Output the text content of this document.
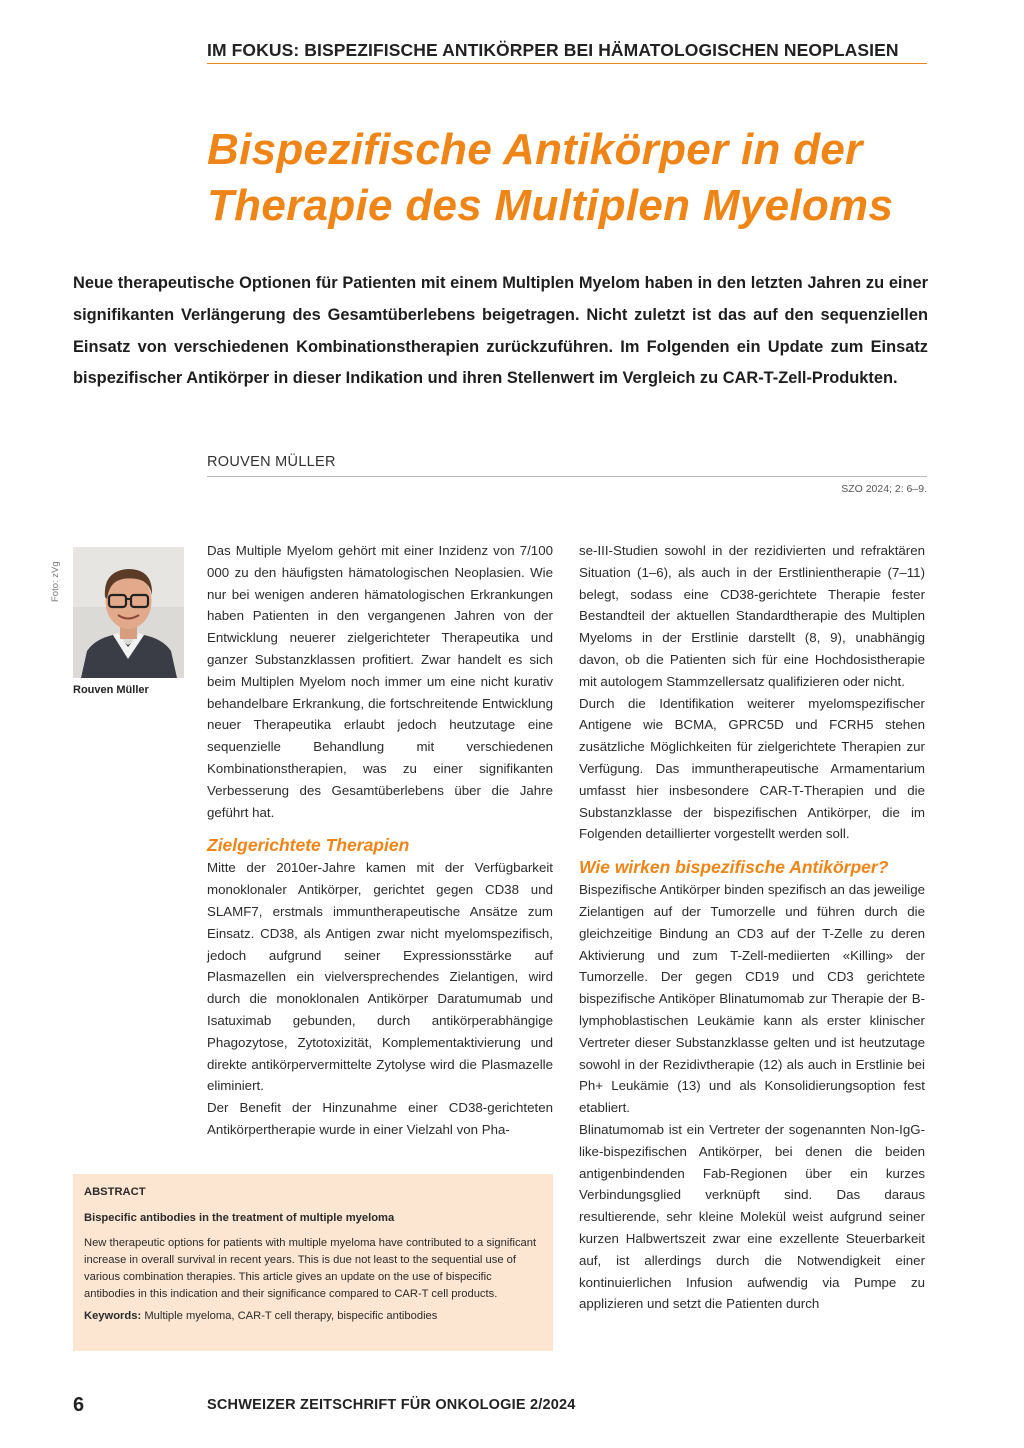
IM FOKUS: BISPEZIFISCHE ANTIKÖRPER BEI HÄMATOLOGISCHEN NEOPLASIEN
Bispezifische Antikörper in der
Therapie des Multiplen Myeloms
Neue therapeutische Optionen für Patienten mit einem Multiplen Myelom haben in den letzten Jahren zu einer signifikanten Verlängerung des Gesamtüberlebens beigetragen. Nicht zuletzt ist das auf den sequenziellen Einsatz von verschiedenen Kombinationstherapien zurückzuführen. Im Folgenden ein Update zum Einsatz bispezifischer Antikörper in dieser Indikation und ihren Stellenwert im Vergleich zu CAR-T-Zell-Produkten.
ROUVEN MÜLLER
SZO 2024; 2: 6–9.
Foto: zVg
Rouven Müller

Das Multiple Myelom gehört mit einer Inzidenz von 7/100 000 zu den häufigsten hämatologischen Neoplasien. Wie nur bei wenigen anderen hämatologischen Erkrankungen haben Patienten in den vergangenen Jahren von der Entwicklung neuerer zielgerichteter Therapeutika und ganzer Substanzklassen profitiert. Zwar handelt es sich beim Multiplen Myelom noch immer um eine nicht kurativ behandelbare Erkrankung, die fortschreitende Entwicklung neuer Therapeutika erlaubt jedoch heutzutage eine sequenzielle Behandlung mit verschiedenen Kombinationstherapien, was zu einer signifikanten Verbesserung des Gesamtüberlebens über die Jahre geführt hat.

Zielgerichtete Therapien

Mitte der 2010er-Jahre kamen mit der Verfügbarkeit monoklonaler Antikörper, gerichtet gegen CD38 und SLAMF7, erstmals immuntherapeutische Ansätze zum Einsatz. CD38, als Antigen zwar nicht myelomspezifisch, jedoch aufgrund seiner Expressionsstärke auf Plasmazellen ein vielversprechendes Zielantigen, wird durch die monoklonalen Antikörper Daratumumab und Isatuximab gebunden, durch antikörperabhängige Phagozytose, Zytotoxizität, Komplementaktivierung und direkte antikörpervermittelte Zytolyse wird die Plasmazelle eliminiert.

Der Benefit der Hinzunahme einer CD38-gerichteten Antikörpertherapie wurde in einer Vielzahl von Pha-

se-III-Studien sowohl in der rezidivierten und refraktären Situation (1–6), als auch in der Erstlinientherapie (7–11) belegt, sodass eine CD38-gerichtete Therapie fester Bestandteil der aktuellen Standardtherapie des Multiplen Myeloms in der Erstlinie darstellt (8, 9), unabhängig davon, ob die Patienten sich für eine Hochdosistherapie mit autologem Stammzellersatz qualifizieren oder nicht.

Durch die Identifikation weiterer myelomspezifischer Antigene wie BCMA, GPRC5D und FCRH5 stehen zusätzliche Möglichkeiten für zielgerichtete Therapien zur Verfügung. Das immuntherapeutische Armamentarium umfasst hier insbesondere CAR-T-Therapien und die Substanzklasse der bispezifischen Antikörper, die im Folgenden detaillierter vorgestellt werden soll.

Wie wirken bispezifische Antikörper?

Bispezifische Antikörper binden spezifisch an das jeweilige Zielantigen auf der Tumorzelle und führen durch die gleichzeitige Bindung an CD3 auf der T-Zelle zu deren Aktivierung und zum T-Zell-mediierten «Killing» der Tumorzelle. Der gegen CD19 und CD3 gerichtete bispezifische Antiköper Blinatumomab zur Therapie der B-lymphoblastischen Leukämie kann als erster klinischer Vertreter dieser Substanzklasse gelten und ist heutzutage sowohl in der Rezidivtherapie (12) als auch in Erstlinie bei Ph+ Leukämie (13) und als Konsolidierungsoption fest etabliert.

Blinatumomab ist ein Vertreter der sogenannten Non-IgG-like-bispezifischen Antikörper, bei denen die beiden antigenbindenden Fab-Regionen über ein kurzes Verbindungsglied verknüpft sind. Das daraus resultierende, sehr kleine Molekül weist aufgrund seiner kurzen Halbwertszeit zwar eine exzellente Steuerbarkeit auf, ist allerdings durch die Notwendigkeit einer kontinuierlichen Infusion aufwendig via Pumpe zu applizieren und setzt die Patienten durch

ABSTRACT
Bispecific antibodies in the treatment of multiple myeloma
New therapeutic options for patients with multiple myeloma have contributed to a significant increase in overall survival in recent years. This is due not least to the sequential use of various combination therapies. This article gives an update on the use of bispecific antibodies in this indication and their significance compared to CAR-T cell products.
Keywords: Multiple myeloma, CAR-T cell therapy, bispecific antibodies
6	SCHWEIZER ZEITSCHRIFT FÜR ONKOLOGIE 2/2024
